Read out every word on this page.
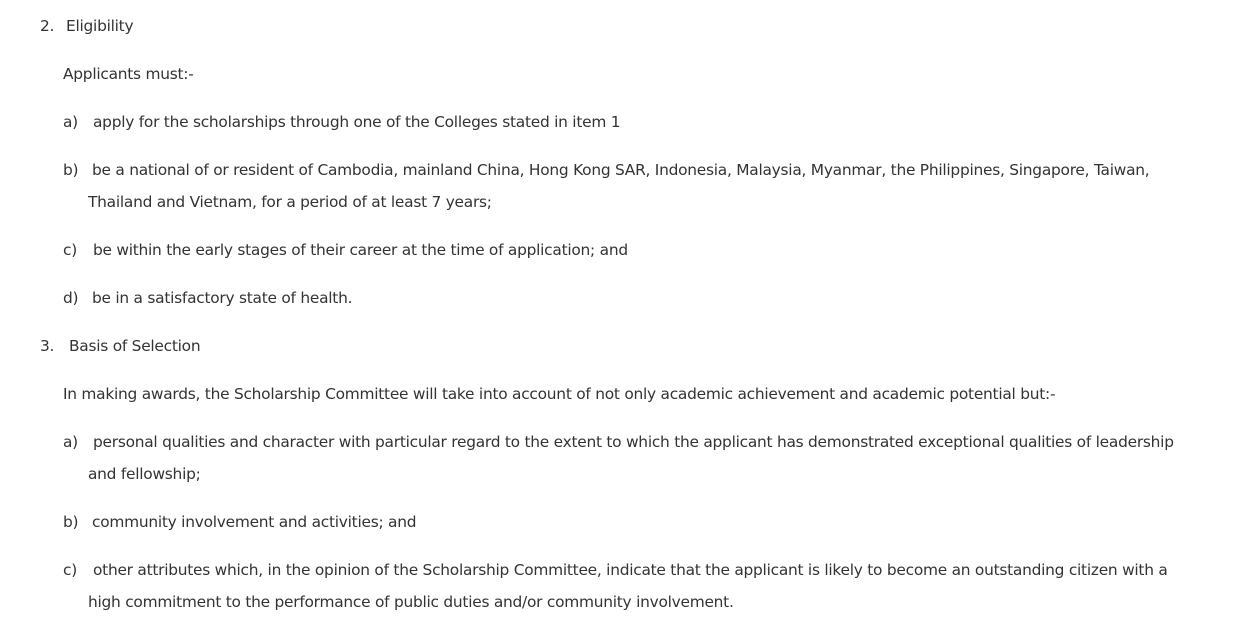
2. Eligibility
Applicants must:-
a) apply for the scholarships through one of the Colleges stated in item 1
b) be a national of or resident of Cambodia, mainland China, Hong Kong SAR, Indonesia, Malaysia, Myanmar, the Philippines, Singapore, Taiwan,
Thailand and Vietnam, for a period of at least 7 years;
c) be within the early stages of their career at the time of application; and
d) be in a satisfactory state of health.
3. Basis of Selection
In making awards, the Scholarship Committee will take into account of not only academic achievement and academic potential but:-
a) personal qualities and character with particular regard to the extent to which the applicant has demonstrated exceptional qualities of leadership
and fellowship;
b) community involvement and activities; and
c) other attributes which, in the opinion of the Scholarship Committee, indicate that the applicant is likely to become an outstanding citizen with a
high commitment to the performance of public duties and/or community involvement.
